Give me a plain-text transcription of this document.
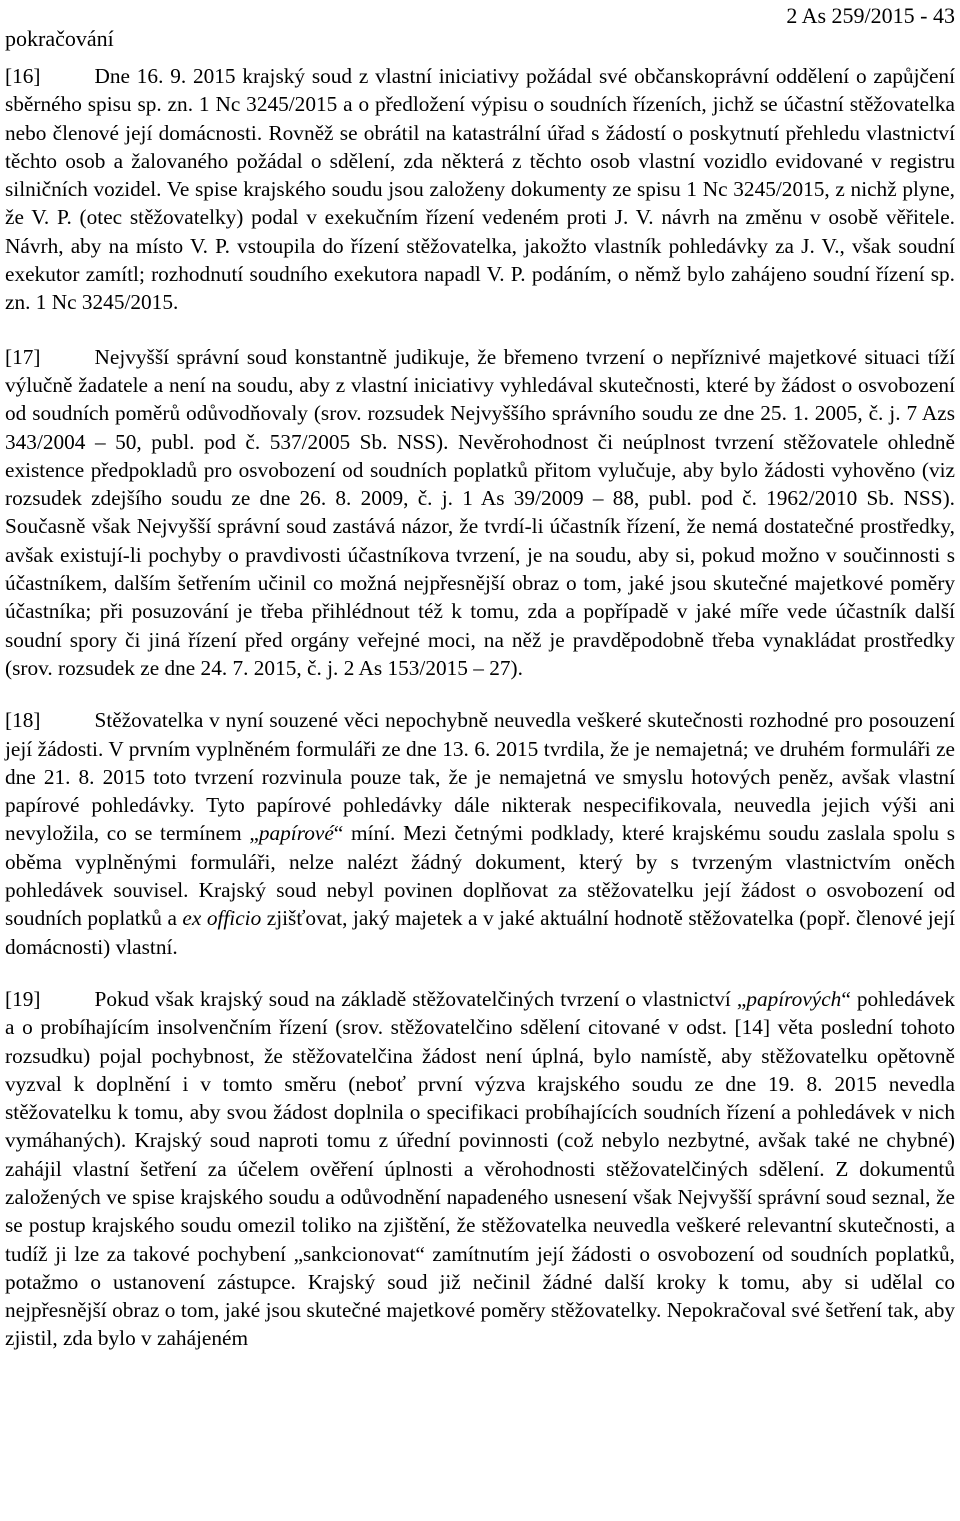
pokračování
2 As 259/2015 - 43

[16]	Dne 16. 9. 2015 krajský soud z vlastní iniciativy požádal své občanskoprávní oddělení o zapůjčení sběrného spisu sp. zn. 1 Nc 3245/2015 a o předložení výpisu o soudních řízeních, jichž se účastní stěžovatelka nebo členové její domácnosti. Rovněž se obrátil na katastrální úřad s žádostí o poskytnutí přehledu vlastnictví těchto osob a žalovaného požádal o sdělení, zda některá z těchto osob vlastní vozidlo evidované v registru silničních vozidel. Ve spise krajského soudu jsou založeny dokumenty ze spisu 1 Nc 3245/2015, z nichž plyne, že V. P. (otec stěžovatelky) podal v exekučním řízení vedeném proti J. V. návrh na změnu v osobě věřitele. Návrh, aby na místo V. P. vstoupila do řízení stěžovatelka, jakožto vlastník pohledávky za J. V., však soudní exekutor zamítl; rozhodnutí soudního exekutora napadl V. P. podáním, o němž bylo zahájeno soudní řízení sp. zn. 1 Nc 3245/2015.

[17]	Nejvyšší správní soud konstantně judikuje, že břemeno tvrzení o nepříznivé majetkové situaci tíží výlučně žadatele a není na soudu, aby z vlastní iniciativy vyhledával skutečnosti, které by žádost o osvobození od soudních poměrů odůvodňovaly (srov. rozsudek Nejvyššího správního soudu ze dne 25. 1. 2005, č. j. 7 Azs 343/2004 – 50, publ. pod č. 537/2005 Sb. NSS). Nevěrohodnost či neúplnost tvrzení stěžovatele ohledně existence předpokladů pro osvobození od soudních poplatků přitom vylučuje, aby bylo žádosti vyhověno (viz rozsudek zdejšího soudu ze dne 26. 8. 2009, č. j. 1 As 39/2009 – 88, publ. pod č. 1962/2010 Sb. NSS). Současně však Nejvyšší správní soud zastává názor, že tvrdí-li účastník řízení, že nemá dostatečné prostředky, avšak existují-li pochyby o pravdivosti účastníkova tvrzení, je na soudu, aby si, pokud možno v součinnosti s účastníkem, dalším šetřením učinil co možná nejpřesnější obraz o tom, jaké jsou skutečné majetkové poměry účastníka; při posuzování je třeba přihlédnout též k tomu, zda a popřípadě v jaké míře vede účastník další soudní spory či jiná řízení před orgány veřejné moci, na něž je pravděpodobně třeba vynakládat prostředky (srov. rozsudek ze dne 24. 7. 2015, č. j. 2 As 153/2015 – 27).

[18]	Stěžovatelka v nyní souzené věci nepochybně neuvedla veškeré skutečnosti rozhodné pro posouzení její žádosti. V prvním vyplněném formuláři ze dne 13. 6. 2015 tvrdila, že je nemajetná; ve druhém formuláři ze dne 21. 8. 2015 toto tvrzení rozvinula pouze tak, že je nemajetná ve smyslu hotových peněz, avšak vlastní papírové pohledávky. Tyto papírové pohledávky dále nikterak nespecifikovala, neuvedla jejich výši ani nevyložila, co se termínem „papírové“ míní. Mezi četnými podklady, které krajskému soudu zaslala spolu s oběma vyplněnými formuláři, nelze nalézt žádný dokument, který by s tvrzeným vlastnictvím oněch pohledávek souvisel. Krajský soud nebyl povinen doplňovat za stěžovatelku její žádost o osvobození od soudních poplatků a ex officio zjišťovat, jaký majetek a v jaké aktuální hodnotě stěžovatelka (popř. členové její domácnosti) vlastní.

[19]	Pokud však krajský soud na základě stěžovatelčiných tvrzení o vlastnictví „papírových“ pohledávek a o probíhajícím insolvenčním řízení (srov. stěžovatelčino sdělení citované v odst. [14] věta poslední tohoto rozsudku) pojal pochybnost, že stěžovatelčina žádost není úplná, bylo namístě, aby stěžovatelku opětovně vyzval k doplnění i v tomto směru (neboť první výzva krajského soudu ze dne 19. 8. 2015 nevedla stěžovatelku k tomu, aby svou žádost doplnila o specifikaci probíhajících soudních řízení a pohledávek v nich vymáhaných). Krajský soud naproti tomu z úřední povinnosti (což nebylo nezbytné, avšak také ne chybné) zahájil vlastní šetření za účelem ověření úplnosti a věrohodnosti stěžovatelčiných sdělení. Z dokumentů založených ve spise krajského soudu a odůvodnění napadeného usnesení však Nejvyšší správní soud seznal, že se postup krajského soudu omezil toliko na zjištění, že stěžovatelka neuvedla veškeré relevantní skutečnosti, a tudíž ji lze za takové pochybení „sankcionovat“ zamítnutím její žádosti o osvobození od soudních poplatků, potažmo o ustanovení zástupce. Krajský soud již nečinil žádné další kroky k tomu, aby si udělal co nejpřesnější obraz o tom, jaké jsou skutečné majetkové poměry stěžovatelky. Nepokračoval své šetření tak, aby zjistil, zda bylo v zahájeném
